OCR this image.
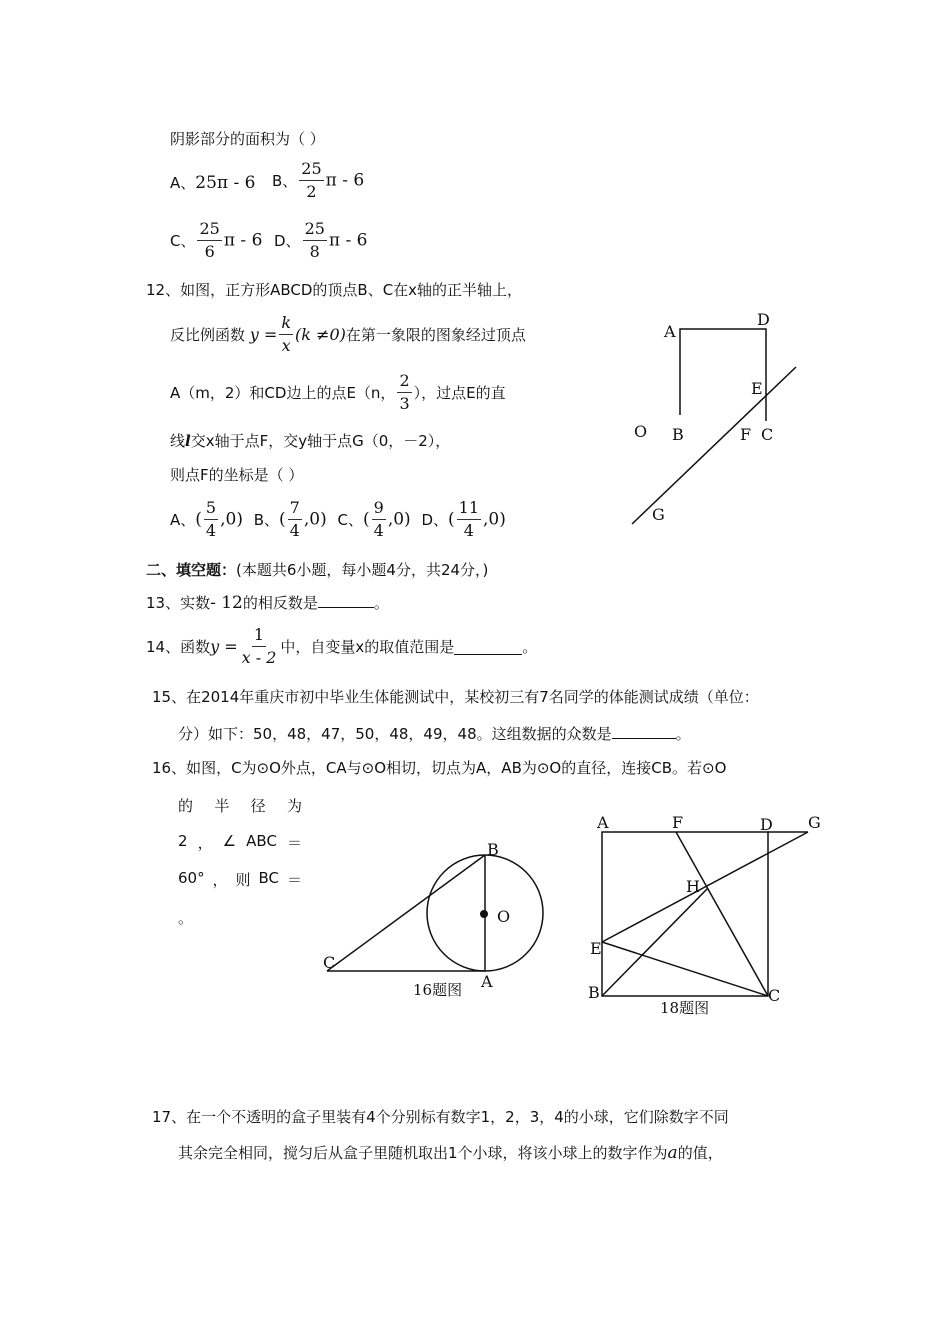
阴影部分的面积为（ ）
A、25π - 6 B、 $\frac{25}{2}$ π - 6
C、 $\frac{25}{6}$ π - 6 D、 $\frac{25}{8}$ π - 6
12、如图，正方形ABCD的顶点B、C在x轴的正半轴上，
反比例函数 $y = \frac{k}{x} (k \ne 0)$在第一象限的图象经过顶点
A（m，2）和CD边上的点E（n， $\frac{2}{3}$ ），过点E的直
线l交x轴于点F，交y轴于点G（0，－2），
则点F的坐标是（ ）
A、( $\frac{5}{4} ,0$) B、( $\frac{7}{4} ,0$) C、( $\frac{9}{4} ,0$) D、( $\frac{11}{4} ,0$)
A
D
E
O B	F C
G
二、填空题：(本题共6小题，每小题4分，共24分，)
13、实数- 12的相反数是	。
14、函数$y = \frac{1}{x - 2}$ 中，自变量x的取值范围是	。
15、在2014年重庆市初中毕业生体能测试中，某校初三有7名同学的体能测试成绩（单位：
分）如下：50，48，47，50，48，49，48。这组数据的众数是	。
16、如图，C为⊙O外点，CA与⊙O相切，切点为A，AB为⊙O的直径，连接CB。若⊙O
的 半 径 为
2 ， ∠ ABC ＝
60° ， 则 BC ＝
。
B
O
C
A
16题图
A	F	D G
H
E
B	C
18题图
17、在一个不透明的盒子里装有4个分别标有数字1，2，3，4的小球，它们除数字不同
其余完全相同，搅匀后从盒子里随机取出1个小球，将该小球上的数字作为a的值，
